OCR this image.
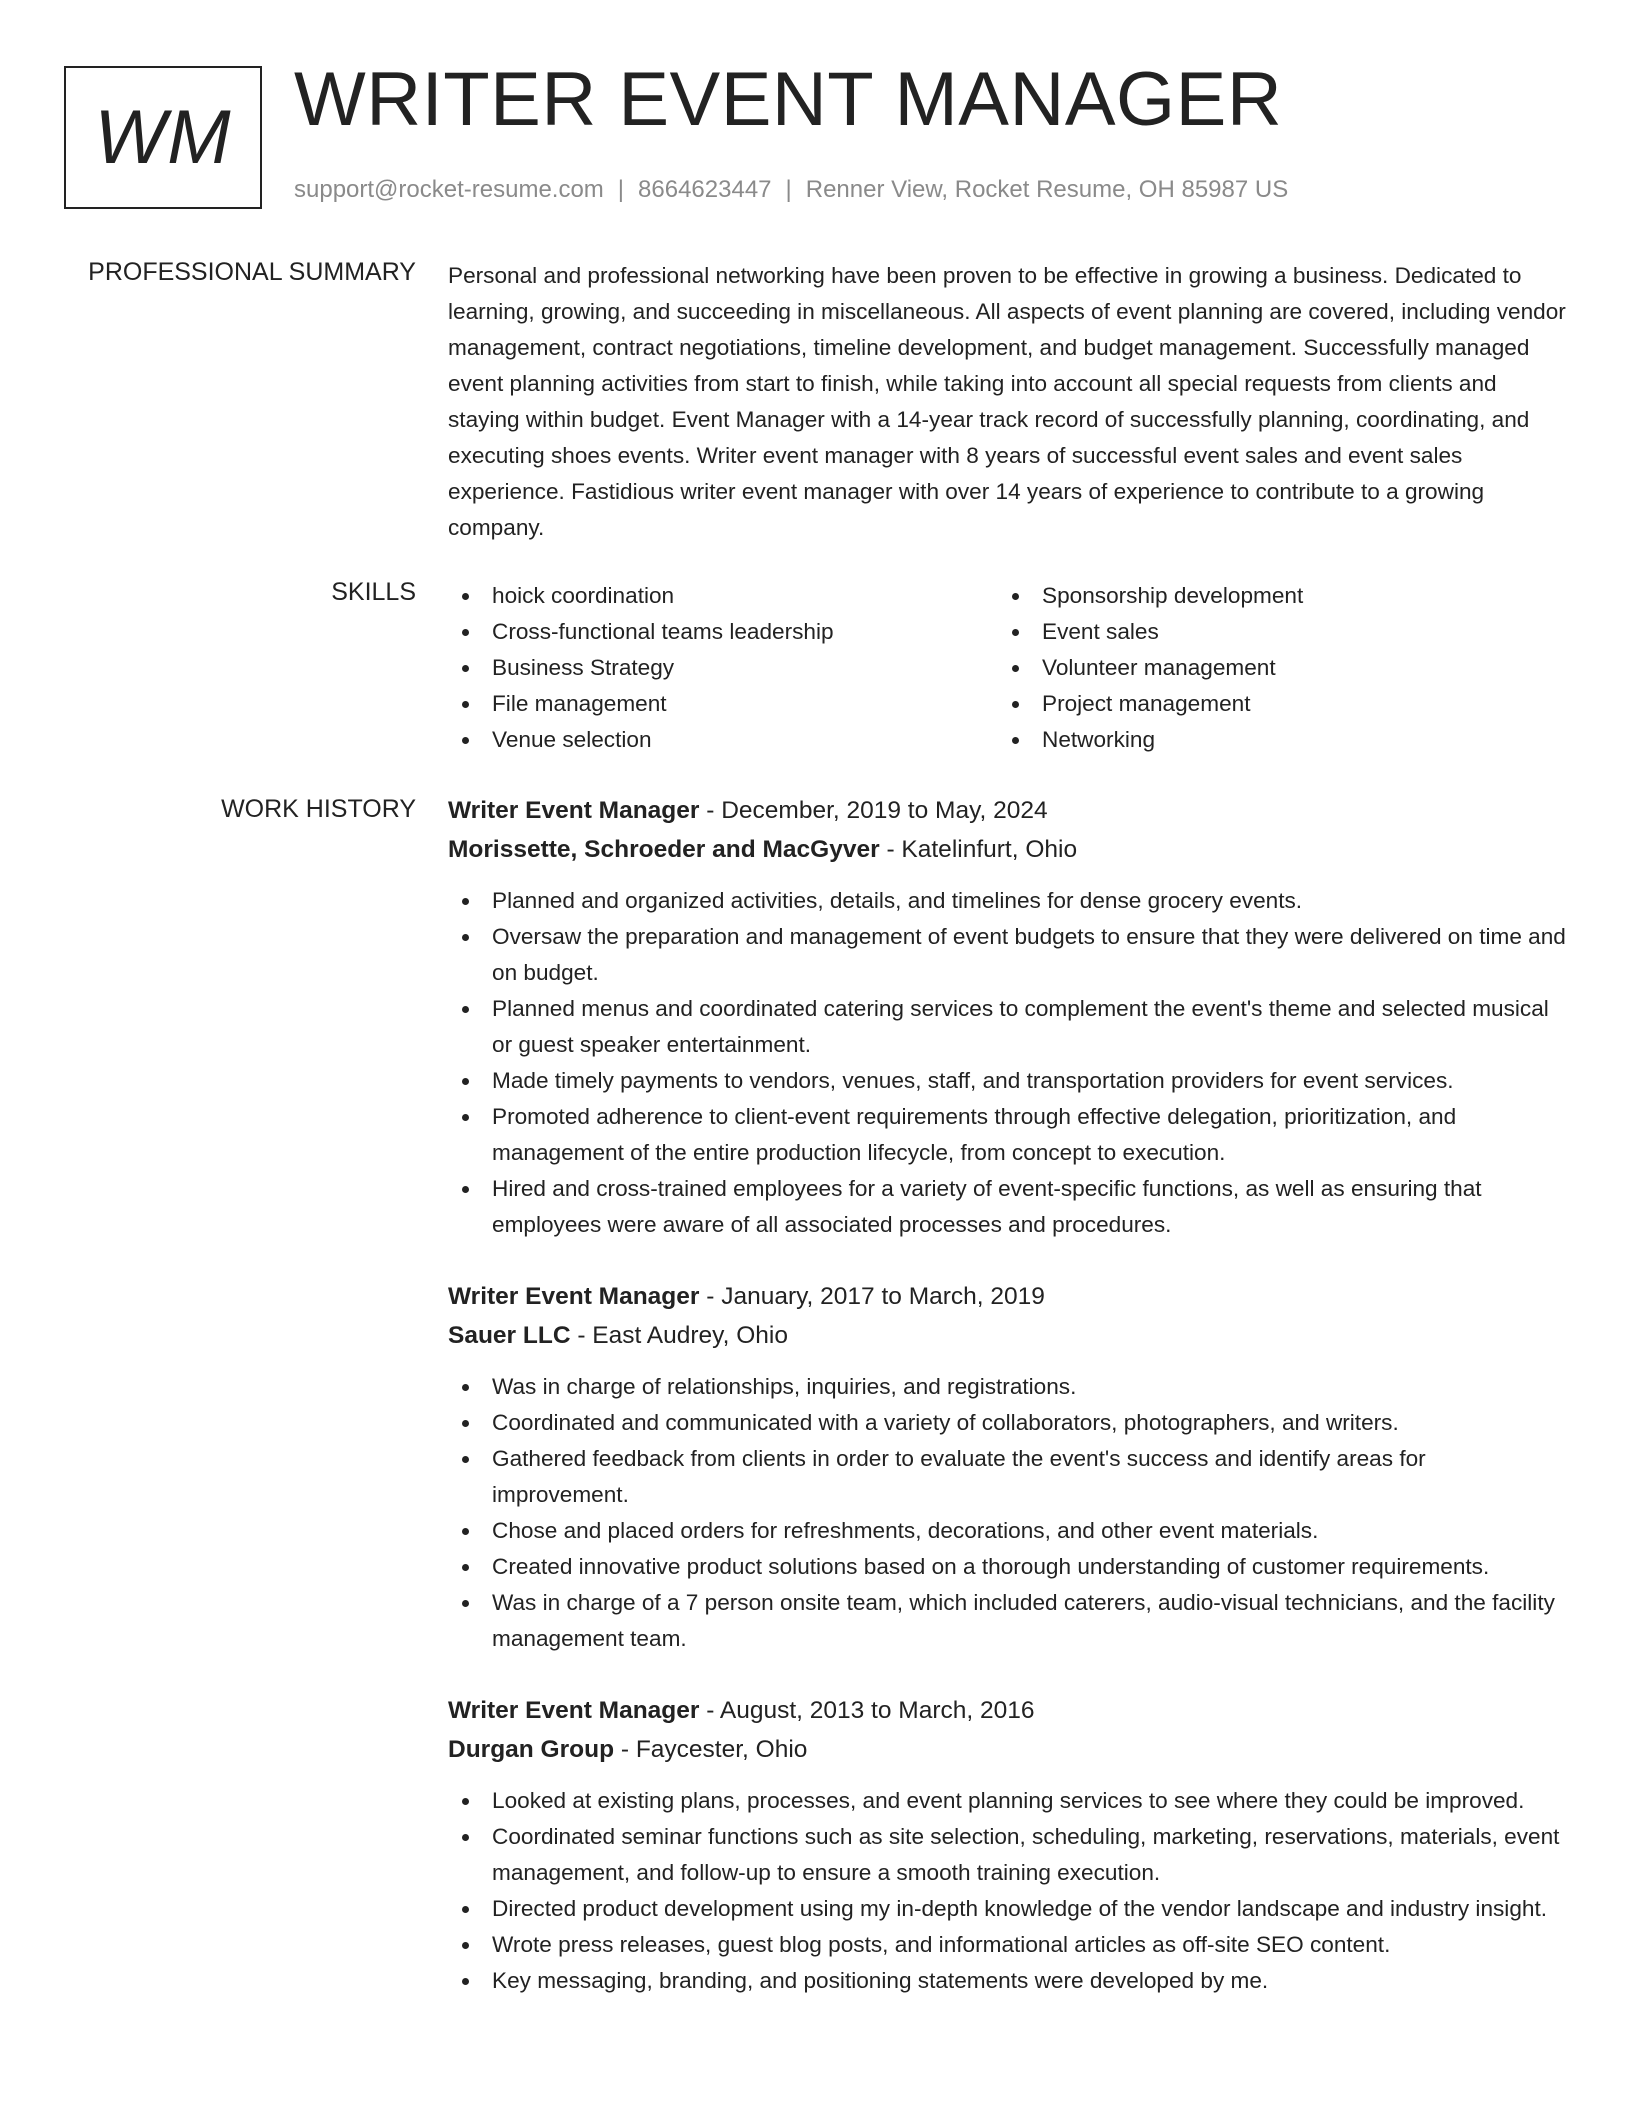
WM WRITER EVENT MANAGER
support@rocket-resume.com | 8664623447 | Renner View, Rocket Resume, OH 85987 US
PROFESSIONAL SUMMARY Personal and professional networking have been proven to be effective in growing a business. Dedicated to learning, growing, and succeeding in miscellaneous. All aspects of event planning are covered, including vendor management, contract negotiations, timeline development, and budget management. Successfully managed event planning activities from start to finish, while taking into account all special requests from clients and staying within budget. Event Manager with a 14-year track record of successfully planning, coordinating, and executing shoes events. Writer event manager with 8 years of successful event sales and event sales experience. Fastidious writer event manager with over 14 years of experience to contribute to a growing company.

SKILLS	hoick coordination
Cross-functional teams leadership
Business Strategy
File management
Venue selection
Sponsorship development
Event sales
Volunteer management
Project management
Networking
WORK HISTORY Writer Event Manager - December, 2019 to May, 2024
Morissette, Schroeder and MacGyver - Katelinfurt, Ohio
Planned and organized activities, details, and timelines for dense grocery events.
Oversaw the preparation and management of event budgets to ensure that they were delivered on time and on budget.
Planned menus and coordinated catering services to complement the event's theme and selected musical or guest speaker entertainment.
Made timely payments to vendors, venues, staff, and transportation providers for event services.
Promoted adherence to client-event requirements through effective delegation, prioritization, and management of the entire production lifecycle, from concept to execution.
Hired and cross-trained employees for a variety of event-specific functions, as well as ensuring that employees were aware of all associated processes and procedures.
Writer Event Manager - January, 2017 to March, 2019
Sauer LLC - East Audrey, Ohio
Was in charge of relationships, inquiries, and registrations.
Coordinated and communicated with a variety of collaborators, photographers, and writers.
Gathered feedback from clients in order to evaluate the event's success and identify areas for improvement.
Chose and placed orders for refreshments, decorations, and other event materials.
Created innovative product solutions based on a thorough understanding of customer requirements.
Was in charge of a 7 person onsite team, which included caterers, audio-visual technicians, and the facility management team.
Writer Event Manager - August, 2013 to March, 2016
Durgan Group - Faycester, Ohio
Looked at existing plans, processes, and event planning services to see where they could be improved.
Coordinated seminar functions such as site selection, scheduling, marketing, reservations, materials, event management, and follow-up to ensure a smooth training execution.
Directed product development using my in-depth knowledge of the vendor landscape and industry insight.
Wrote press releases, guest blog posts, and informational articles as off-site SEO content.
Key messaging, branding, and positioning statements were developed by me.
